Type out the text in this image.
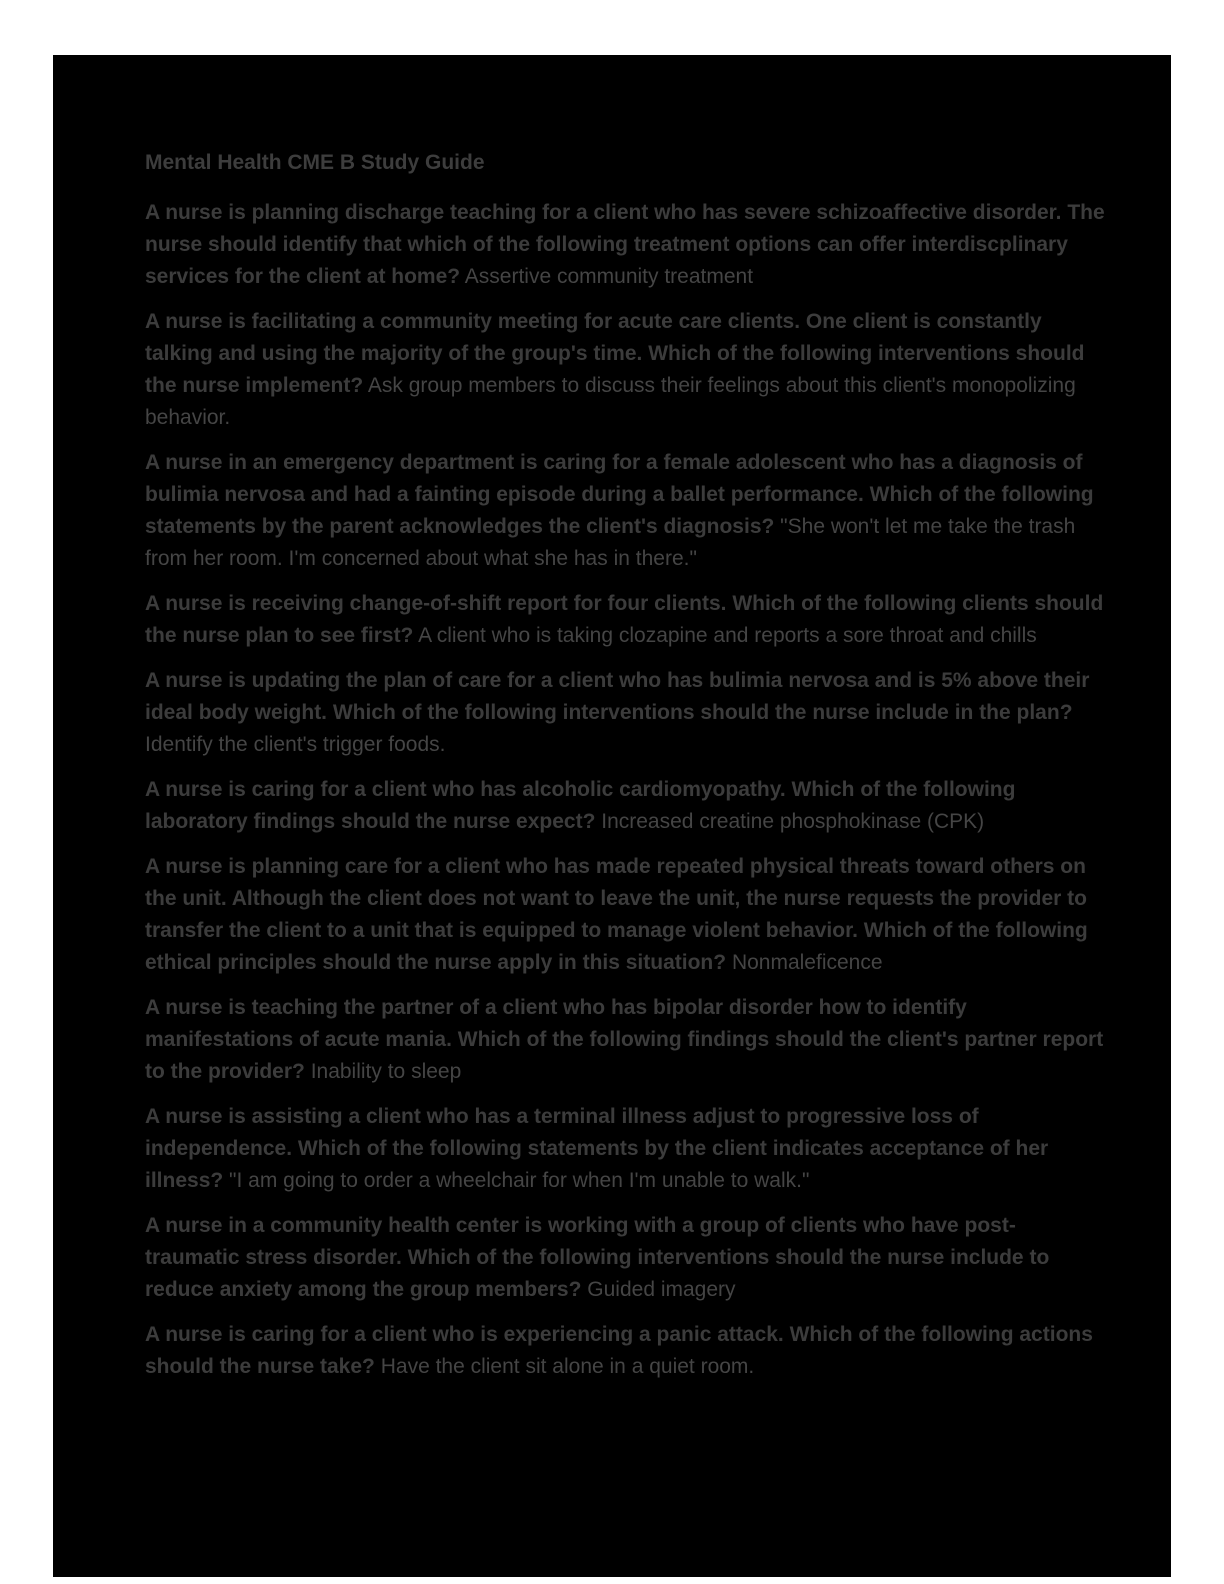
Mental Health CME B Study Guide

A nurse is planning discharge teaching for a client who has severe schizoaffective disorder. The nurse should identify that which of the following treatment options can offer interdiscplinary services for the client at home? Assertive community treatment

A nurse is facilitating a community meeting for acute care clients. One client is constantly talking and using the majority of the group's time. Which of the following interventions should the nurse implement? Ask group members to discuss their feelings about this client's monopolizing behavior.

A nurse in an emergency department is caring for a female adolescent who has a diagnosis of bulimia nervosa and had a fainting episode during a ballet performance. Which of the following statements by the parent acknowledges the client's diagnosis? "She won't let me take the trash from her room. I'm concerned about what she has in there."

A nurse is receiving change-of-shift report for four clients. Which of the following clients should the nurse plan to see first? A client who is taking clozapine and reports a sore throat and chills

A nurse is updating the plan of care for a client who has bulimia nervosa and is 5% above their ideal body weight. Which of the following interventions should the nurse include in the plan? Identify the client's trigger foods.

A nurse is caring for a client who has alcoholic cardiomyopathy. Which of the following laboratory findings should the nurse expect? Increased creatine phosphokinase (CPK)

A nurse is planning care for a client who has made repeated physical threats toward others on the unit. Although the client does not want to leave the unit, the nurse requests the provider to transfer the client to a unit that is equipped to manage violent behavior. Which of the following ethical principles should the nurse apply in this situation? Nonmaleficence

A nurse is teaching the partner of a client who has bipolar disorder how to identify manifestations of acute mania. Which of the following findings should the client's partner report to the provider? Inability to sleep

A nurse is assisting a client who has a terminal illness adjust to progressive loss of independence. Which of the following statements by the client indicates acceptance of her illness? "I am going to order a wheelchair for when I'm unable to walk."

A nurse in a community health center is working with a group of clients who have post-traumatic stress disorder. Which of the following interventions should the nurse include to reduce anxiety among the group members? Guided imagery

A nurse is caring for a client who is experiencing a panic attack. Which of the following actions should the nurse take? Have the client sit alone in a quiet room.
